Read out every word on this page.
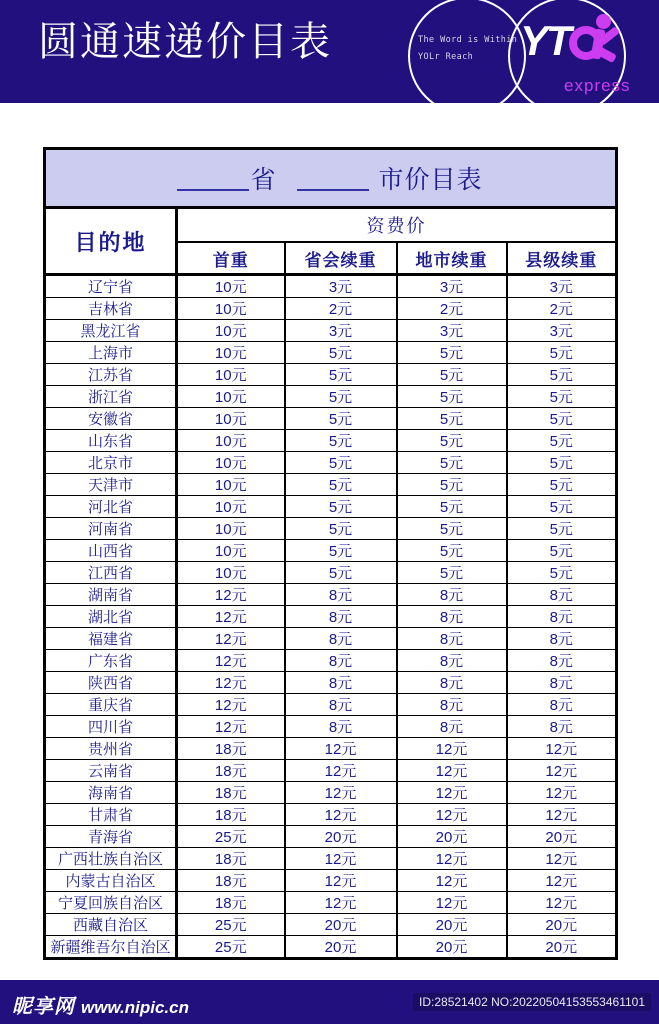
圆通速递价目表	The Word is Within
YOLr Reach	YT
express
省 市价目表				

目的地	资费价			
	首重	省会续重	地市续重	县级续重
辽宁省	10元	3元	3元	3元
吉林省	10元	2元	2元	2元
黑龙江省	10元	3元	3元	3元
上海市	10元	5元	5元	5元
江苏省	10元	5元	5元	5元
浙江省	10元	5元	5元	5元
安徽省	10元	5元	5元	5元
山东省	10元	5元	5元	5元
北京市	10元	5元	5元	5元
天津市	10元	5元	5元	5元
河北省	10元	5元	5元	5元
河南省	10元	5元	5元	5元
山西省	10元	5元	5元	5元
江西省	10元	5元	5元	5元
湖南省	12元	8元	8元	8元
湖北省	12元	8元	8元	8元
福建省	12元	8元	8元	8元
广东省	12元	8元	8元	8元
陕西省	12元	8元	8元	8元
重庆省	12元	8元	8元	8元
四川省	12元	8元	8元	8元
贵州省	18元	12元	12元	12元
云南省	18元	12元	12元	12元
海南省	18元	12元	12元	12元
甘肃省	18元	12元	12元	12元
青海省	25元	20元	20元	20元
广西壮族自治区	18元	12元	12元	12元
内蒙古自治区	18元	12元	12元	12元
宁夏回族自治区	18元	12元	12元	12元
西藏自治区	25元	20元	20元	20元
新疆维吾尔自治区	25元	20元	20元	20元
昵享网 www.nipic.cn	ID:28521402 NO:20220504153553461101
